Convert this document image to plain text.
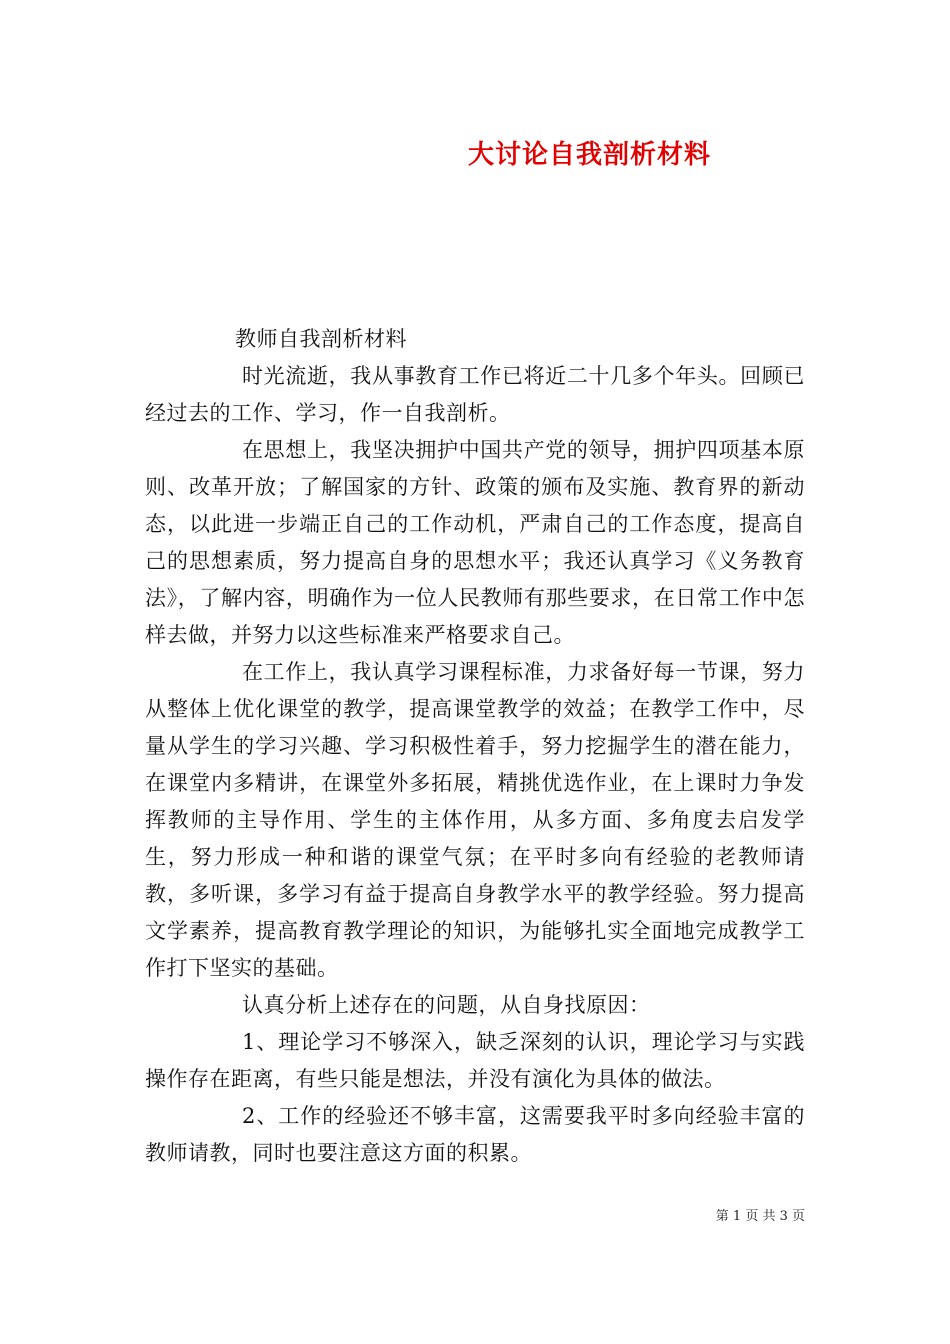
大讨论自我剖析材料

教师自我剖析材料

时光流逝，我从事教育工作已将近二十几多个年头。回顾已经过去的工作、学习，作一自我剖析。

在思想上，我坚决拥护中国共产党的领导，拥护四项基本原则、改革开放；了解国家的方针、政策的颁布及实施、教育界的新动态，以此进一步端正自己的工作动机，严肃自己的工作态度，提高自己的思想素质，努力提高自身的思想水平；我还认真学习《义务教育法》，了解内容，明确作为一位人民教师有那些要求，在日常工作中怎样去做，并努力以这些标准来严格要求自己。

在工作上，我认真学习课程标准，力求备好每一节课，努力从整体上优化课堂的教学，提高课堂教学的效益；在教学工作中，尽量从学生的学习兴趣、学习积极性着手，努力挖掘学生的潜在能力，在课堂内多精讲，在课堂外多拓展，精挑优选作业，在上课时力争发挥教师的主导作用、学生的主体作用，从多方面、多角度去启发学生，努力形成一种和谐的课堂气氛；在平时多向有经验的老教师请教，多听课，多学习有益于提高自身教学水平的教学经验。努力提高文学素养，提高教育教学理论的知识，为能够扎实全面地完成教学工作打下坚实的基础。

认真分析上述存在的问题，从自身找原因：

1、理论学习不够深入，缺乏深刻的认识，理论学习与实践操作存在距离，有些只能是想法，并没有演化为具体的做法。

2、工作的经验还不够丰富，这需要我平时多向经验丰富的教师请教，同时也要注意这方面的积累。

第 1 页 共 3 页
